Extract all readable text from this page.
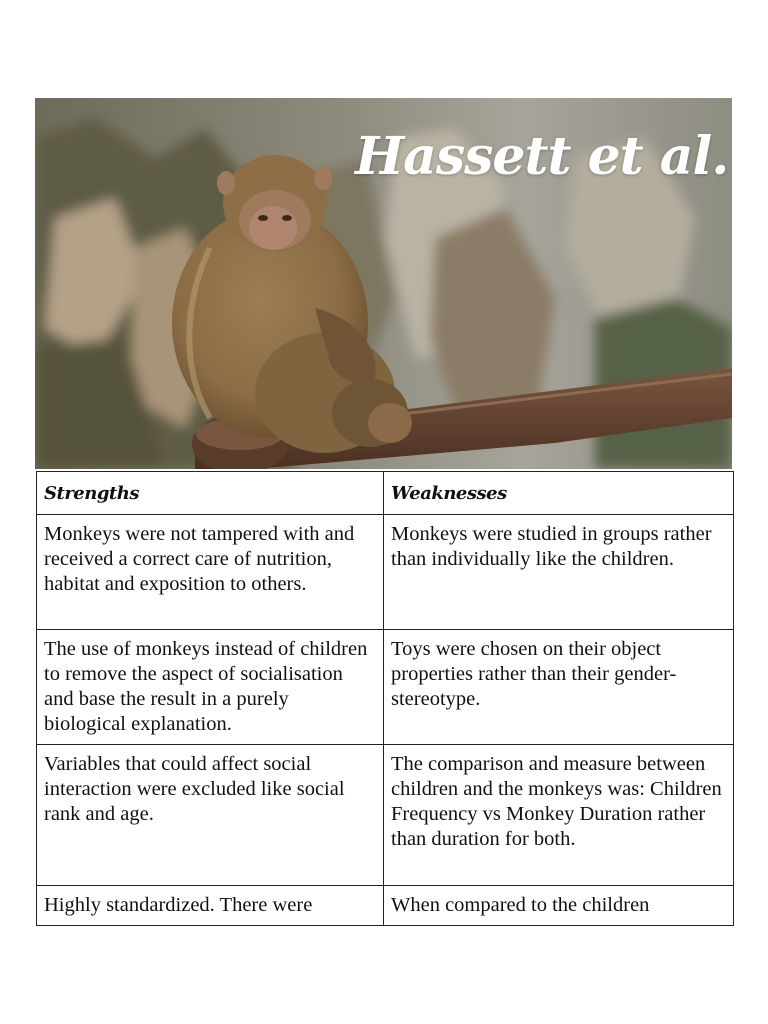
Hassett et al.
Strengths	Weaknesses
Monkeys were not tampered with and received a correct care of nutrition, habitat and exposition to others.	Monkeys were studied in groups rather than individually like the children.
The use of monkeys instead of children to remove the aspect of socialisation and base the result in a purely biological explanation.	Toys were chosen on their object properties rather than their gender-stereotype.
Variables that could affect social interaction were excluded like social rank and age.	The comparison and measure between children and the monkeys was: Children Frequency vs Monkey Duration rather than duration for both.
Highly standardized. There were	When compared to the children
